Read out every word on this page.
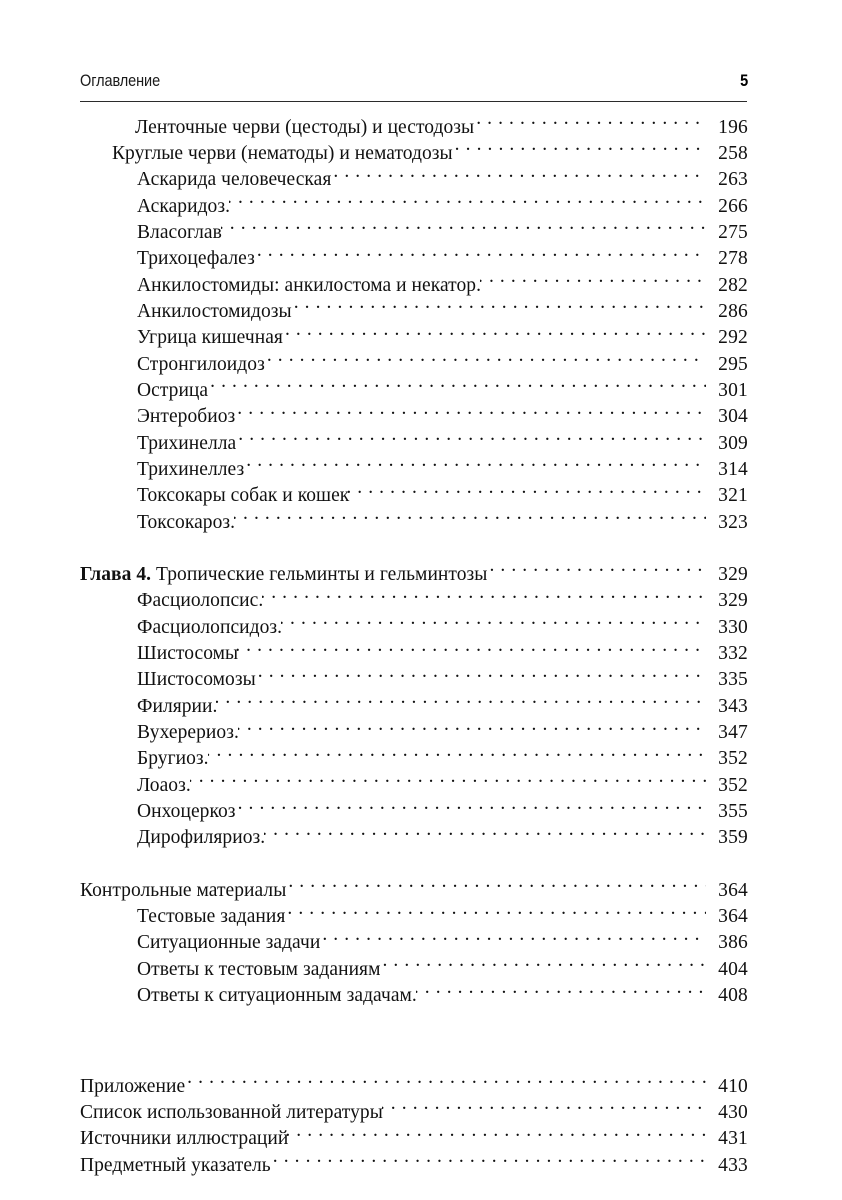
Оглавление	5
Ленточные черви (цестоды) и цестодозы . . .	196
Круглые черви (нематоды) и нематодозы . . .	258
Аскарида человеческая . . .	263
Аскаридоз. . . .	266
Власоглав . . .	275
Трихоцефалез . . .	278
Анкилостомиды: анкилостома и некатор. . . .	282
Анкилостомидозы . . .	286
Угрица кишечная . . .	292
Стронгилоидоз . . .	295
Острица . . .	301
Энтеробиоз . . .	304
Трихинелла . . .	309
Трихинеллез . . .	314
Токсокары собак и кошек . . .	321
Токсокароз. . . .	323
Глава 4. Тропические гельминты и гельминтозы . . .	329
Фасциолопсис. . . .	329
Фасциолопсидоз. . . .	330
Шистосомы . . .	332
Шистосомозы . . .	335
Филярии. . . .	343
Вухерериоз. . . .	347
Бругиоз. . . .	352
Лоаоз. . . .	352
Онхоцеркоз . . .	355
Дирофиляриоз. . . .	359
Контрольные материалы . . .	364
Тестовые задания . . .	364
Ситуационные задачи . . .	386
Ответы к тестовым заданиям . . .	404
Ответы к ситуационным задачам. . . .	408
Приложение . . .	410
Список использованной литературы . . .	430
Источники иллюстраций . . .	431
Предметный указатель . . .	433
